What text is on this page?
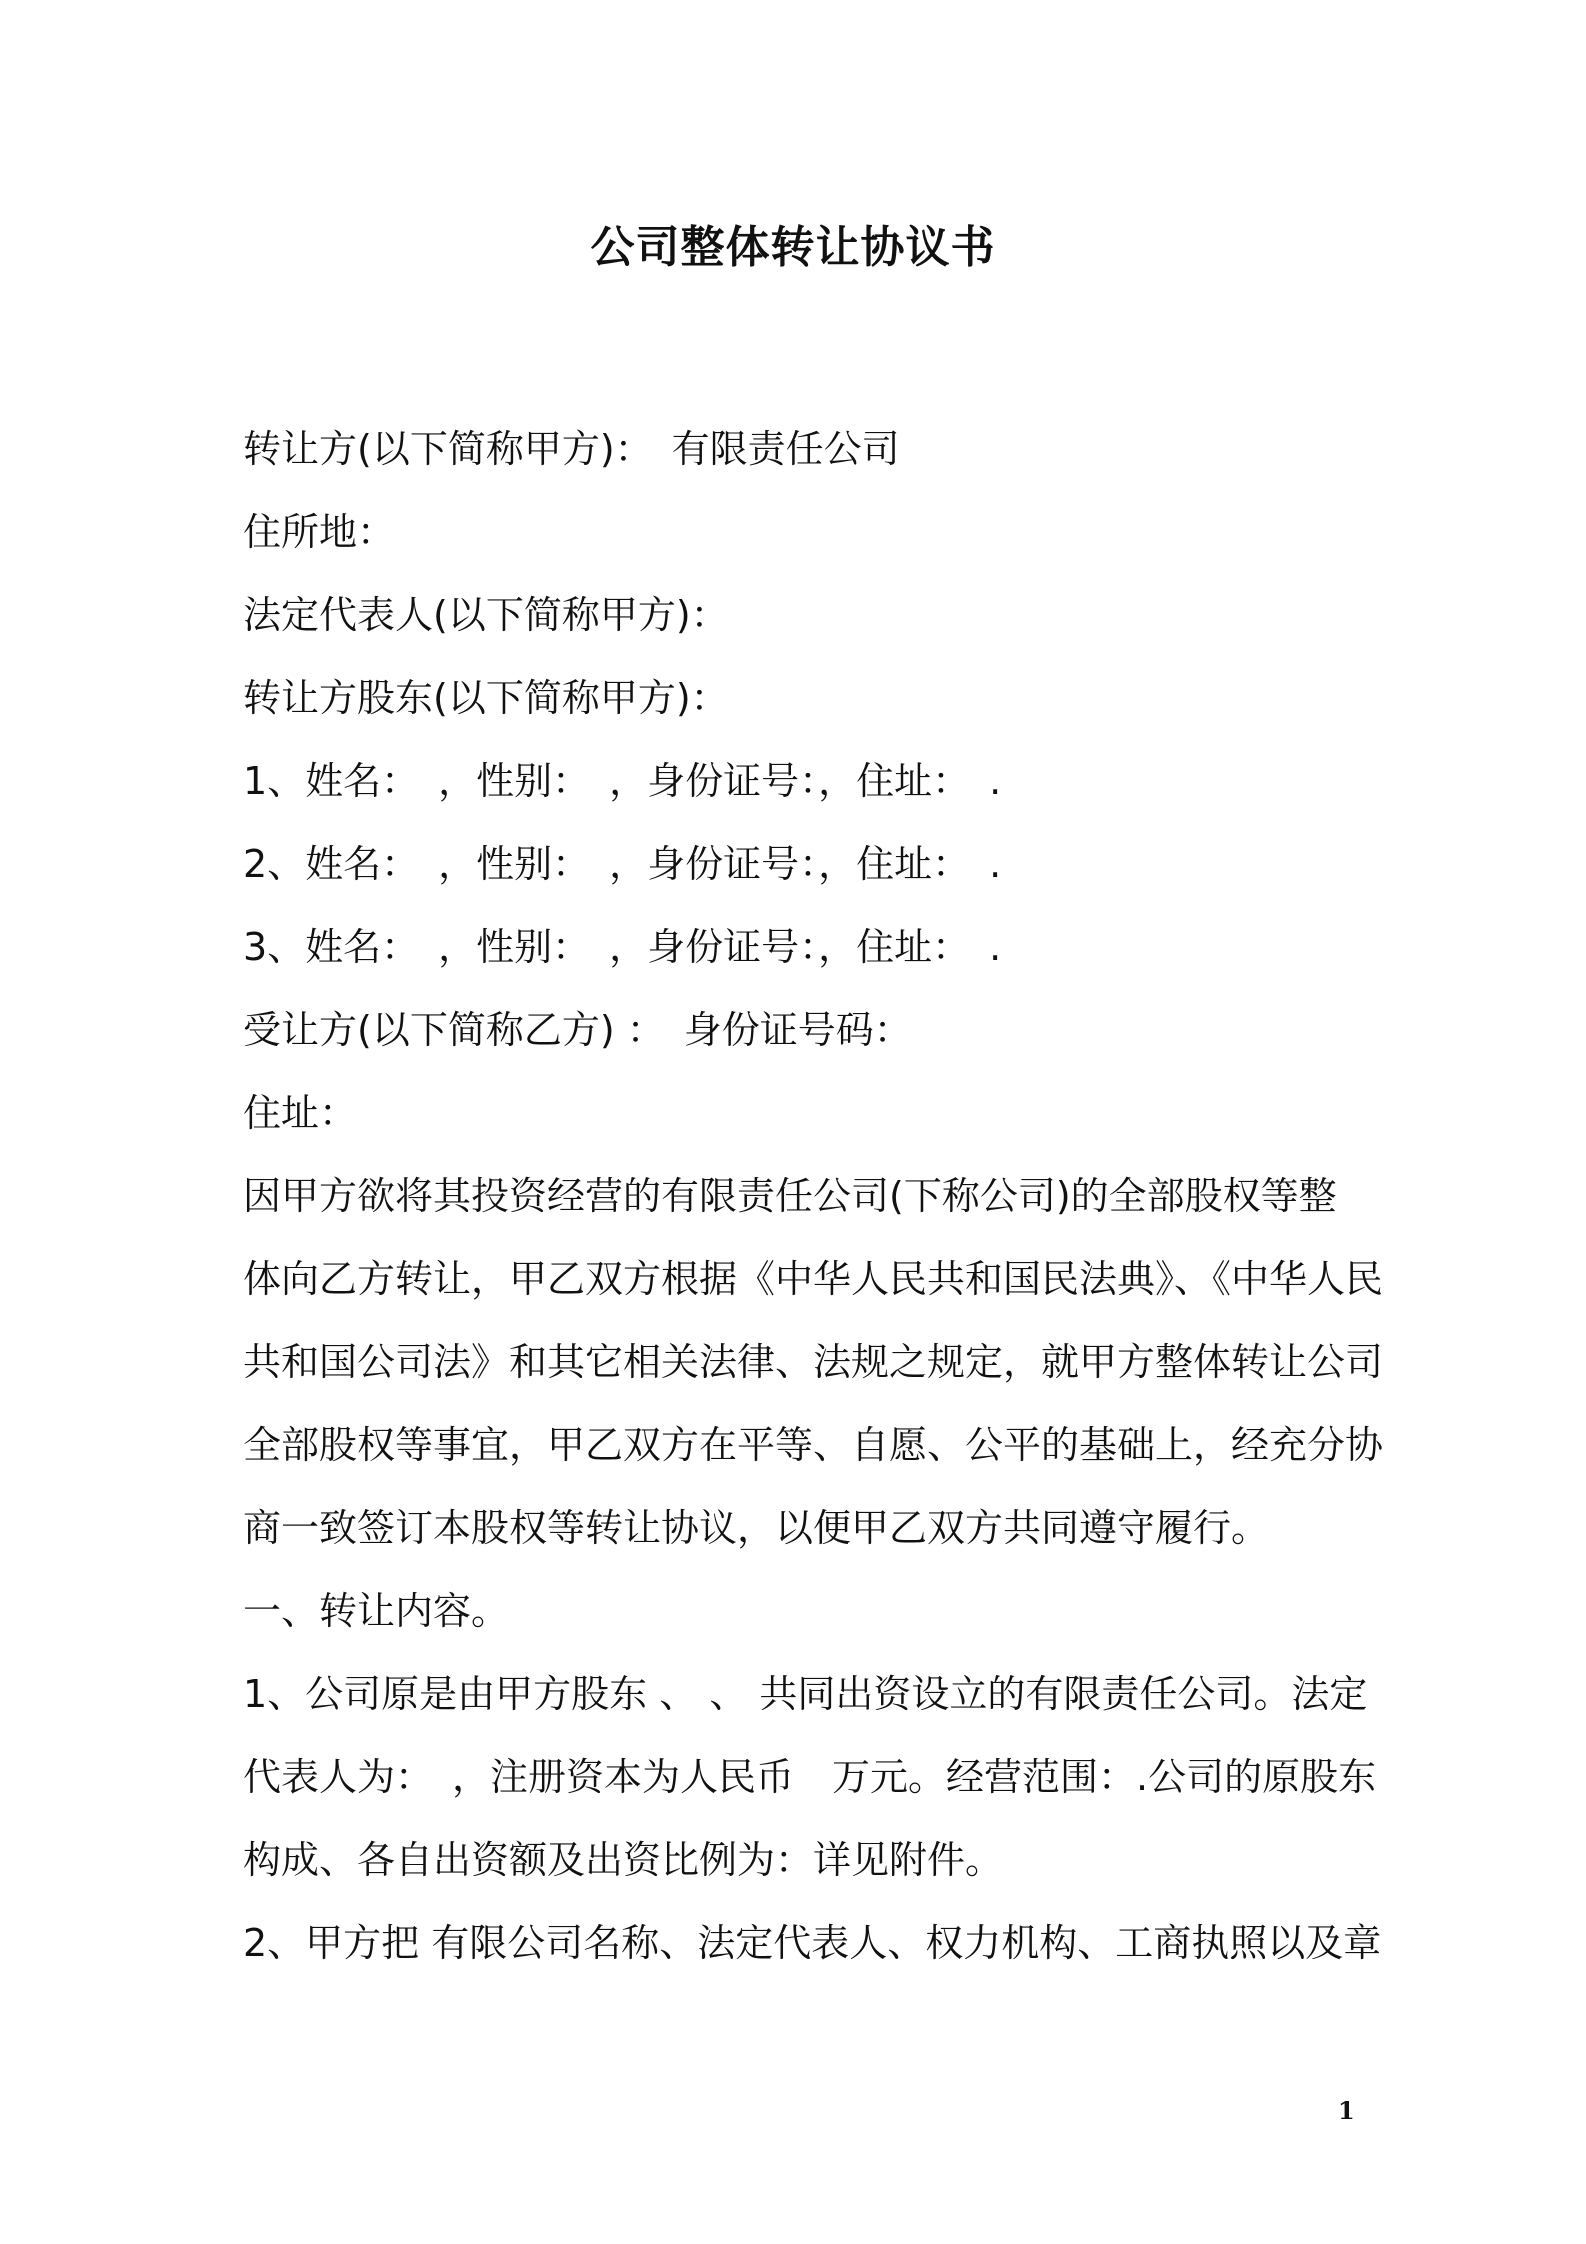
公司整体转让协议书
转让方(以下简称甲方)：　有限责任公司
住所地：
法定代表人(以下简称甲方)：
转让方股东(以下简称甲方)：
1、姓名：　，性别：　，身份证号：，住址：　.
2、姓名：　，性别：　，身份证号：，住址：　.
3、姓名：　，性别：　，身份证号：，住址：　.
受让方(以下简称乙方) ：　身份证号码：
住址：
因甲方欲将其投资经营的有限责任公司(下称公司)的全部股权等整
体向乙方转让，甲乙双方根据《中华人民共和国民法典》、《中华人民
共和国公司法》和其它相关法律、法规之规定，就甲方整体转让公司
全部股权等事宜，甲乙双方在平等、自愿、公平的基础上，经充分协
商一致签订本股权等转让协议，以便甲乙双方共同遵守履行。
一、转让内容。
1、公司原是由甲方股东 、 、 共同出资设立的有限责任公司。法定
代表人为：　，注册资本为人民币　万元。经营范围：.公司的原股东
构成、各自出资额及出资比例为：详见附件。
2、甲方把 有限公司名称、法定代表人、权力机构、工商执照以及章
1
